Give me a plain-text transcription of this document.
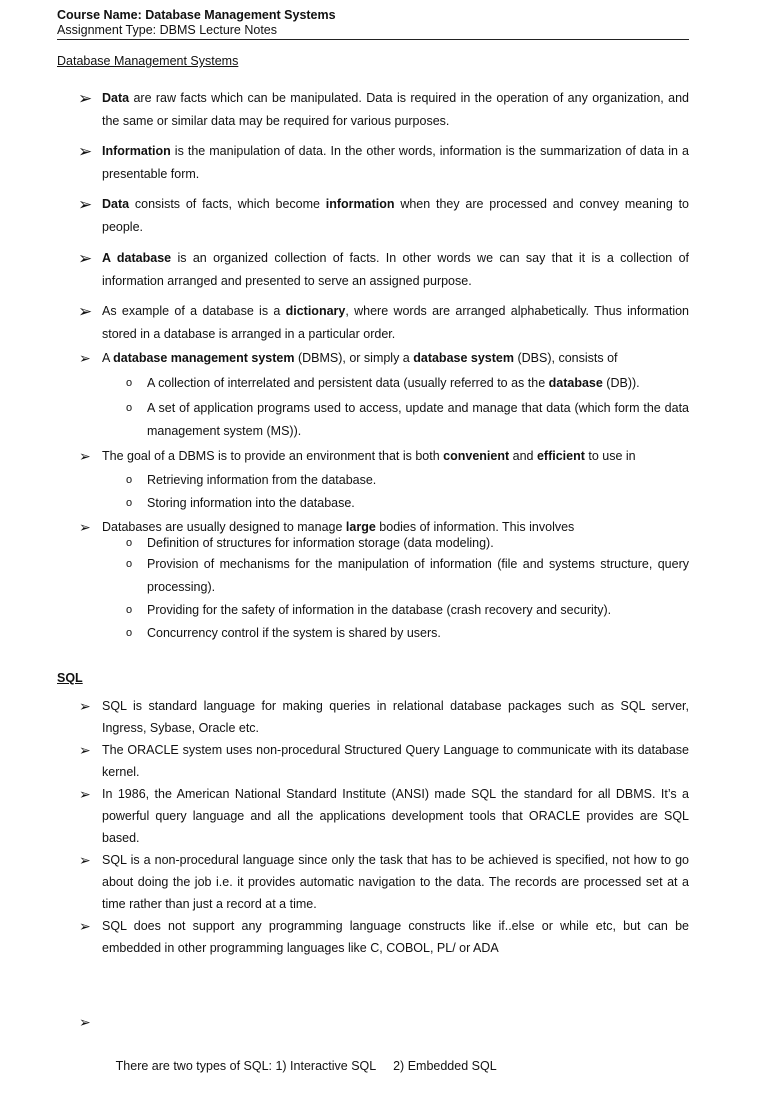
Course Name: Database Management Systems
Assignment Type: DBMS Lecture Notes
Database Management Systems
➢ Data are raw facts which can be manipulated. Data is required in the operation of any organization, and the same or similar data may be required for various purposes.
➢ Information is the manipulation of data. In the other words, information is the summarization of data in a presentable form.
➢ Data consists of facts, which become information when they are processed and convey meaning to people.
➢ A database is an organized collection of facts. In other words we can say that it is a collection of information arranged and presented to serve an assigned purpose.
➢ As example of a database is a dictionary, where words are arranged alphabetically. Thus information stored in a database is arranged in a particular order.
➢ A database management system (DBMS), or simply a database system (DBS), consists of
o A collection of interrelated and persistent data (usually referred to as the database (DB)).
o A set of application programs used to access, update and manage that data (which form the data management system (MS)).
➢ The goal of a DBMS is to provide an environment that is both convenient and efficient to use in
o Retrieving information from the database.
o Storing information into the database.
➢ Databases are usually designed to manage large bodies of information. This involves
o Definition of structures for information storage (data modeling).
o Provision of mechanisms for the manipulation of information (file and systems structure, query processing).
o Providing for the safety of information in the database (crash recovery and security).
o Concurrency control if the system is shared by users.
SQL
➢ SQL is standard language for making queries in relational database packages such as SQL server, Ingress, Sybase, Oracle etc.
➢ The ORACLE system uses non-procedural Structured Query Language to communicate with its database kernel.
➢ In 1986, the American National Standard Institute (ANSI) made SQL the standard for all DBMS. It’s a powerful query language and all the applications development tools that ORACLE provides are SQL based.
➢ SQL is a non-procedural language since only the task that has to be achieved is specified, not how to go about doing the job i.e. it provides automatic navigation to the data. The records are processed set at a time rather than just a record at a time.
➢ SQL does not support any programming language constructs like if..else or while etc, but can be embedded in other programming languages like C, COBOL, PL/ or ADA

➢

There are two types of SQL: 1) Interactive SQL     2) Embedded SQL
